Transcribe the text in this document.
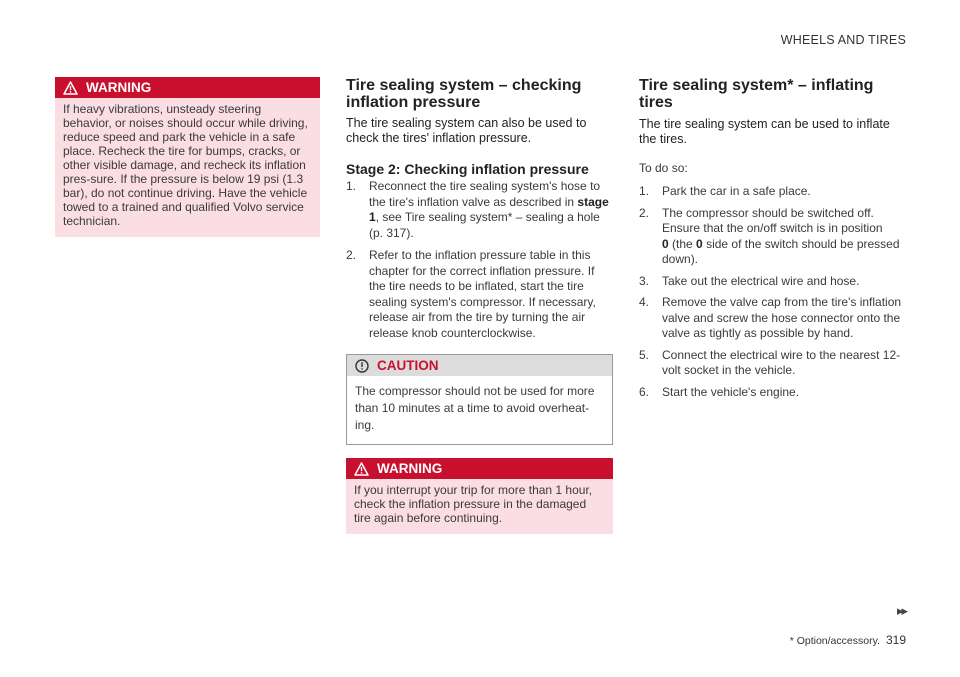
WHEELS AND TIRES
WARNING
If heavy vibrations, unsteady steering behavior, or noises should occur while driving, reduce speed and park the vehicle in a safe place. Recheck the tire for bumps, cracks, or other visible damage, and recheck its inflation pres-sure. If the pressure is below 19 psi (1.3 bar), do not continue driving. Have the vehicle towed to a trained and qualified Volvo service technician.
Tire sealing system – checking inflation pressure

The tire sealing system can also be used to check the tires' inflation pressure.

Stage 2: Checking inflation pressure
1. Reconnect the tire sealing system's hose to the tire's inflation valve as described in stage 1, see Tire sealing system* – sealing a hole (p. 317).
2. Refer to the inflation pressure table in this chapter for the correct inflation pressure. If the tire needs to be inflated, start the tire sealing system's compressor. If necessary, release air from the tire by turning the air release knob counterclockwise.
CAUTION
The compressor should not be used for more than 10 minutes at a time to avoid overheat-ing.
WARNING
If you interrupt your trip for more than 1 hour, check the inflation pressure in the damaged tire again before continuing.
Tire sealing system* – inflating tires

The tire sealing system can be used to inflate the tires.

To do so:
1. Park the car in a safe place.
2. The compressor should be switched off. Ensure that the on/off switch is in position
0 (the 0 side of the switch should be pressed down).
3. Take out the electrical wire and hose.
4. Remove the valve cap from the tire's inflation valve and screw the hose connector onto the valve as tightly as possible by hand.
5. Connect the electrical wire to the nearest 12-volt socket in the vehicle.
6. Start the vehicle's engine.
▸▸
* Option/accessory. 319
